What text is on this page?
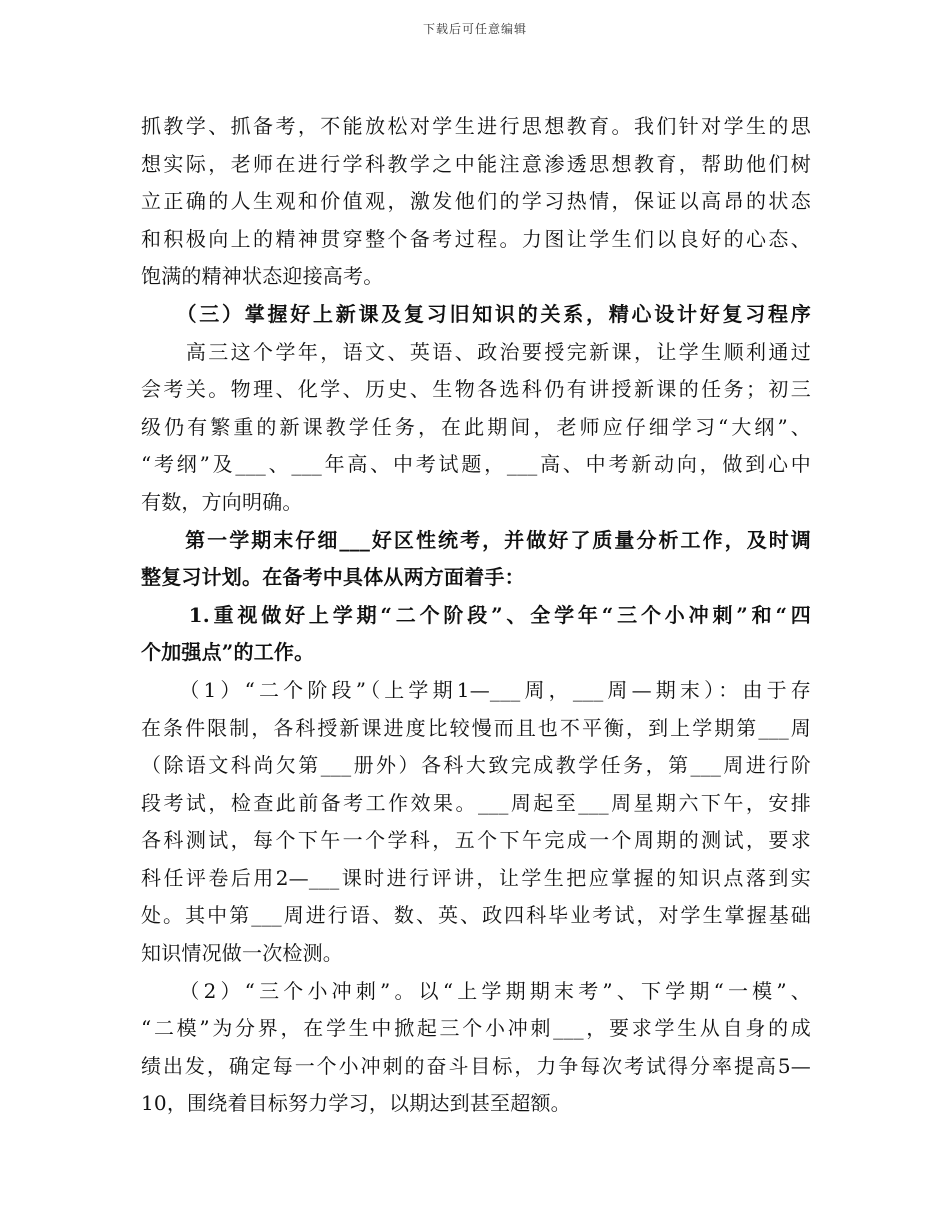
下载后可任意编辑
抓教学、抓备考，不能放松对学生进行思想教育。我们针对学生的思
想实际，老师在进行学科教学之中能注意渗透思想教育，帮助他们树
立正确的人生观和价值观，激发他们的学习热情，保证以高昂的状态
和积极向上的精神贯穿整个备考过程。力图让学生们以良好的心态、
饱满的精神状态迎接高考。
　　（三）掌握好上新课及复习旧知识的关系，精心设计好复习程序
　　高三这个学年，语文、英语、政治要授完新课，让学生顺利通过
会考关。物理、化学、历史、生物各选科仍有讲授新课的任务；初三
级仍有繁重的新课教学任务，在此期间，老师应仔细学习“大纲”、
“考纲”及___、___年高、中考试题，___高、中考新动向，做到心中
有数，方向明确。
　　第一学期末仔细___好区性统考，并做好了质量分析工作，及时调
整复习计划。在备考中具体从两方面着手：
　　1.重视做好上学期“二个阶段”、全学年“三个小冲刺”和“四
个加强点”的工作。
　　（1）“二个阶段”（上学期1—___周，___周—期末）：由于存
在条件限制，各科授新课进度比较慢而且也不平衡，到上学期第___周
（除语文科尚欠第___册外）各科大致完成教学任务，第___周进行阶
段考试，检查此前备考工作效果。___周起至___周星期六下午，安排
各科测试，每个下午一个学科，五个下午完成一个周期的测试，要求
科任评卷后用2—___课时进行评讲，让学生把应掌握的知识点落到实
处。其中第___周进行语、数、英、政四科毕业考试，对学生掌握基础
知识情况做一次检测。
　　（2）“三个小冲刺”。以“上学期期末考”、下学期“一模”、
“二模”为分界，在学生中掀起三个小冲刺___，要求学生从自身的成
绩出发，确定每一个小冲刺的奋斗目标，力争每次考试得分率提高5—
10，围绕着目标努力学习，以期达到甚至超额。
